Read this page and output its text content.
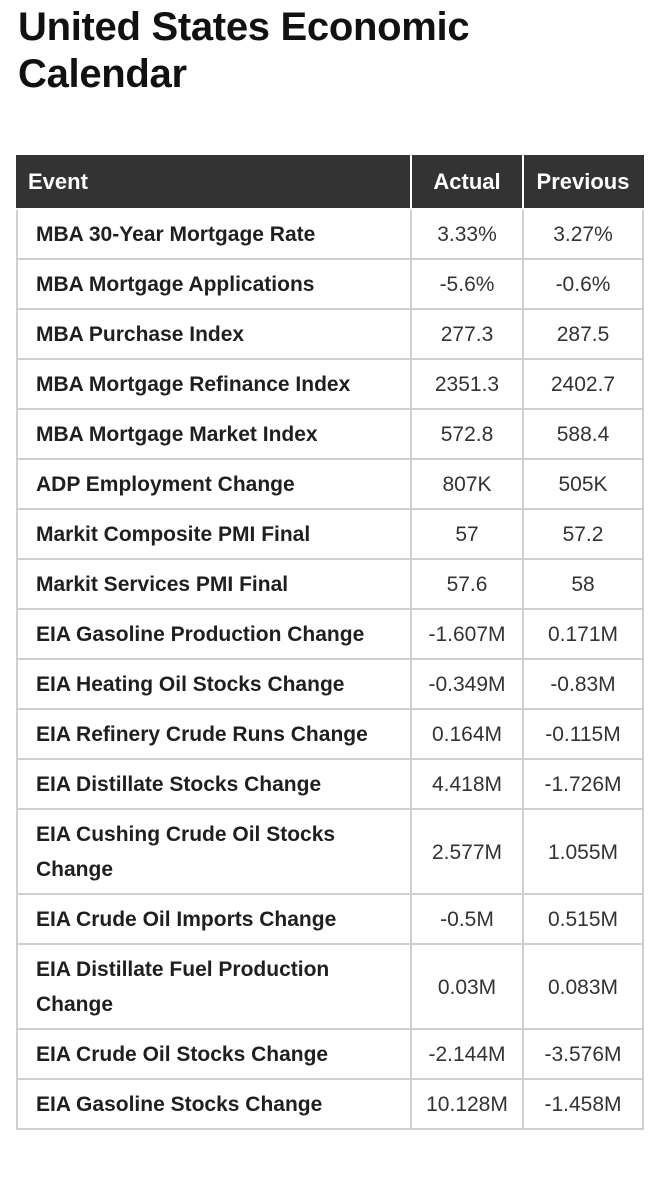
United States Economic Calendar
Event	Actual	Previous
MBA 30-Year Mortgage Rate	3.33%	3.27%
MBA Mortgage Applications	-5.6%	-0.6%
MBA Purchase Index	277.3	287.5
MBA Mortgage Refinance Index	2351.3	2402.7
MBA Mortgage Market Index	572.8	588.4
ADP Employment Change	807K	505K
Markit Composite PMI Final	57	57.2
Markit Services PMI Final	57.6	58
EIA Gasoline Production Change	-1.607M	0.171M
EIA Heating Oil Stocks Change	-0.349M	-0.83M
EIA Refinery Crude Runs Change	0.164M	-0.115M
EIA Distillate Stocks Change	4.418M	-1.726M
EIA Cushing Crude Oil Stocks Change	2.577M	1.055M
EIA Crude Oil Imports Change	-0.5M	0.515M
EIA Distillate Fuel Production Change	0.03M	0.083M
EIA Crude Oil Stocks Change	-2.144M	-3.576M
EIA Gasoline Stocks Change	10.128M	-1.458M
